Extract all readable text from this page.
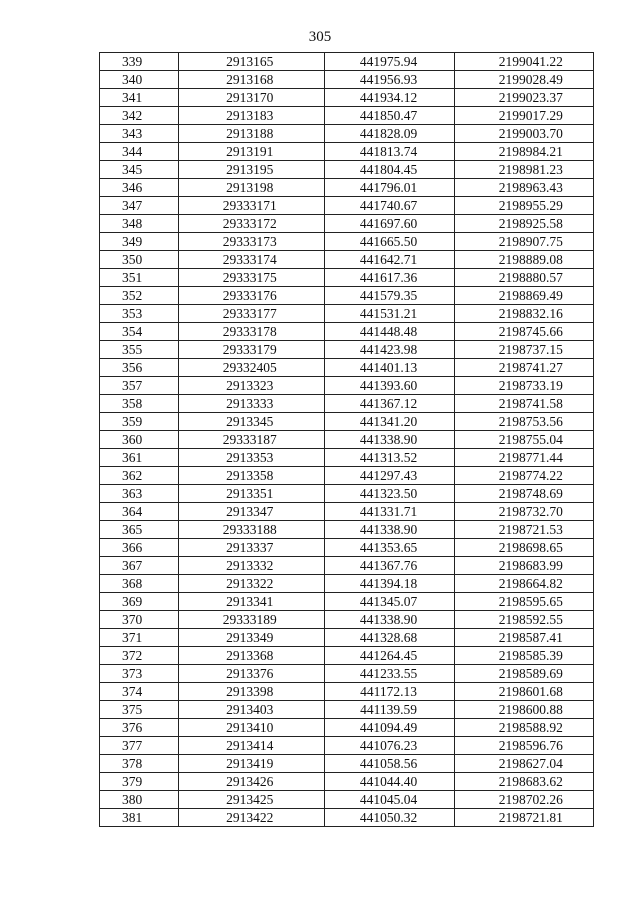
305
339	2913165	441975.94	2199041.22
340	2913168	441956.93	2199028.49
341	2913170	441934.12	2199023.37
342	2913183	441850.47	2199017.29
343	2913188	441828.09	2199003.70
344	2913191	441813.74	2198984.21
345	2913195	441804.45	2198981.23
346	2913198	441796.01	2198963.43
347	29333171	441740.67	2198955.29
348	29333172	441697.60	2198925.58
349	29333173	441665.50	2198907.75
350	29333174	441642.71	2198889.08
351	29333175	441617.36	2198880.57
352	29333176	441579.35	2198869.49
353	29333177	441531.21	2198832.16
354	29333178	441448.48	2198745.66
355	29333179	441423.98	2198737.15
356	29332405	441401.13	2198741.27
357	2913323	441393.60	2198733.19
358	2913333	441367.12	2198741.58
359	2913345	441341.20	2198753.56
360	29333187	441338.90	2198755.04
361	2913353	441313.52	2198771.44
362	2913358	441297.43	2198774.22
363	2913351	441323.50	2198748.69
364	2913347	441331.71	2198732.70
365	29333188	441338.90	2198721.53
366	2913337	441353.65	2198698.65
367	2913332	441367.76	2198683.99
368	2913322	441394.18	2198664.82
369	2913341	441345.07	2198595.65
370	29333189	441338.90	2198592.55
371	2913349	441328.68	2198587.41
372	2913368	441264.45	2198585.39
373	2913376	441233.55	2198589.69
374	2913398	441172.13	2198601.68
375	2913403	441139.59	2198600.88
376	2913410	441094.49	2198588.92
377	2913414	441076.23	2198596.76
378	2913419	441058.56	2198627.04
379	2913426	441044.40	2198683.62
380	2913425	441045.04	2198702.26
381	2913422	441050.32	2198721.81
